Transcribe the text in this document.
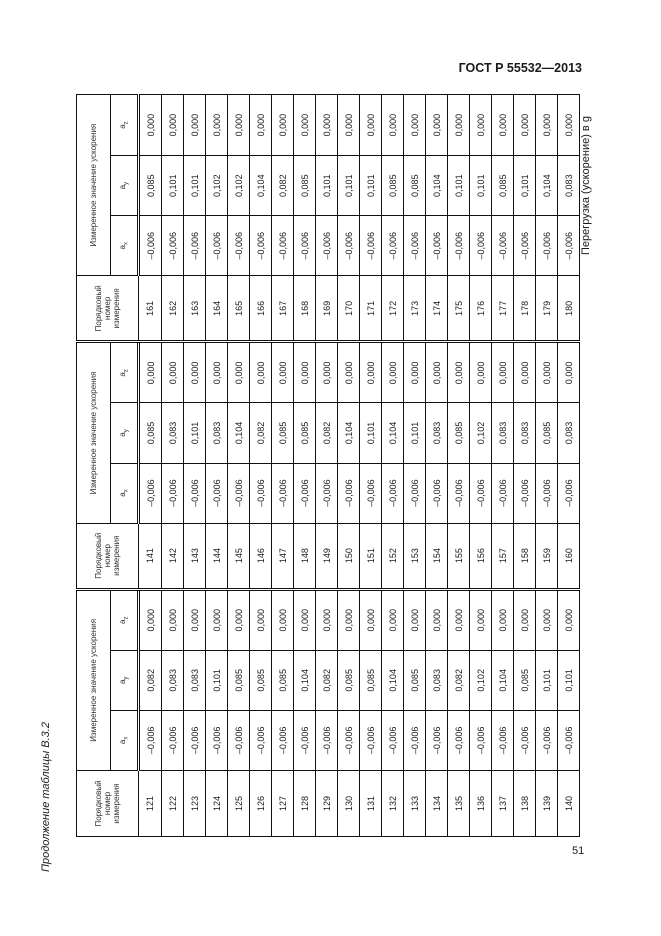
ГОСТ Р 55532—2013
Продолжение таблицы В.3.2
Перегрузка (ускорение) в g
51
Порядковый номер измерения	Измеренное значение ускорения			Порядковый номер измерения	Измеренное значение ускорения			Порядковый номер измерения	Измеренное значение ускорения		
	$a_x$	$a_y$	$a_z$		$a_x$	$a_y$	$a_z$		$a_x$	$a_y$	$a_z$
121	–0,006	0,082	0,000	141	–0,006	0,085	0,000	161	–0,006	0,085	0,000
122	–0,006	0,083	0,000	142	–0,006	0,083	0,000	162	–0,006	0,101	0,000
123	–0,006	0,083	0,000	143	–0,006	0,101	0,000	163	–0,006	0,101	0,000
124	–0,006	0,101	0,000	144	–0,006	0,083	0,000	164	–0,006	0,102	0,000
125	–0,006	0,085	0,000	145	–0,006	0,104	0,000	165	–0,006	0,102	0,000
126	–0,006	0,085	0,000	146	–0,006	0,082	0,000	166	–0,006	0,104	0,000
127	–0,006	0,085	0,000	147	–0,006	0,085	0,000	167	–0,006	0,082	0,000
128	–0,006	0,104	0,000	148	–0,006	0,085	0,000	168	–0,006	0,085	0,000
129	–0,006	0,082	0,000	149	–0,006	0,082	0,000	169	–0,006	0,101	0,000
130	–0,006	0,085	0,000	150	–0,006	0,104	0,000	170	–0,006	0,101	0,000
131	–0,006	0,085	0,000	151	–0,006	0,101	0,000	171	–0,006	0,101	0,000
132	–0,006	0,104	0,000	152	–0,006	0,104	0,000	172	–0,006	0,085	0,000
133	–0,006	0,085	0,000	153	–0,006	0,101	0,000	173	–0,006	0,085	0,000
134	–0,006	0,083	0,000	154	–0,006	0,083	0,000	174	–0,006	0,104	0,000
135	–0,006	0,082	0,000	155	–0,006	0,085	0,000	175	–0,006	0,101	0,000
136	–0,006	0,102	0,000	156	–0,006	0,102	0,000	176	–0,006	0,101	0,000
137	–0,006	0,104	0,000	157	–0,006	0,083	0,000	177	–0,006	0,085	0,000
138	–0,006	0,085	0,000	158	–0,006	0,083	0,000	178	–0,006	0,101	0,000
139	–0,006	0,101	0,000	159	–0,006	0,085	0,000	179	–0,006	0,104	0,000
140	–0,006	0,101	0,000	160	–0,006	0,083	0,000	180	–0,006	0,083	0,000
